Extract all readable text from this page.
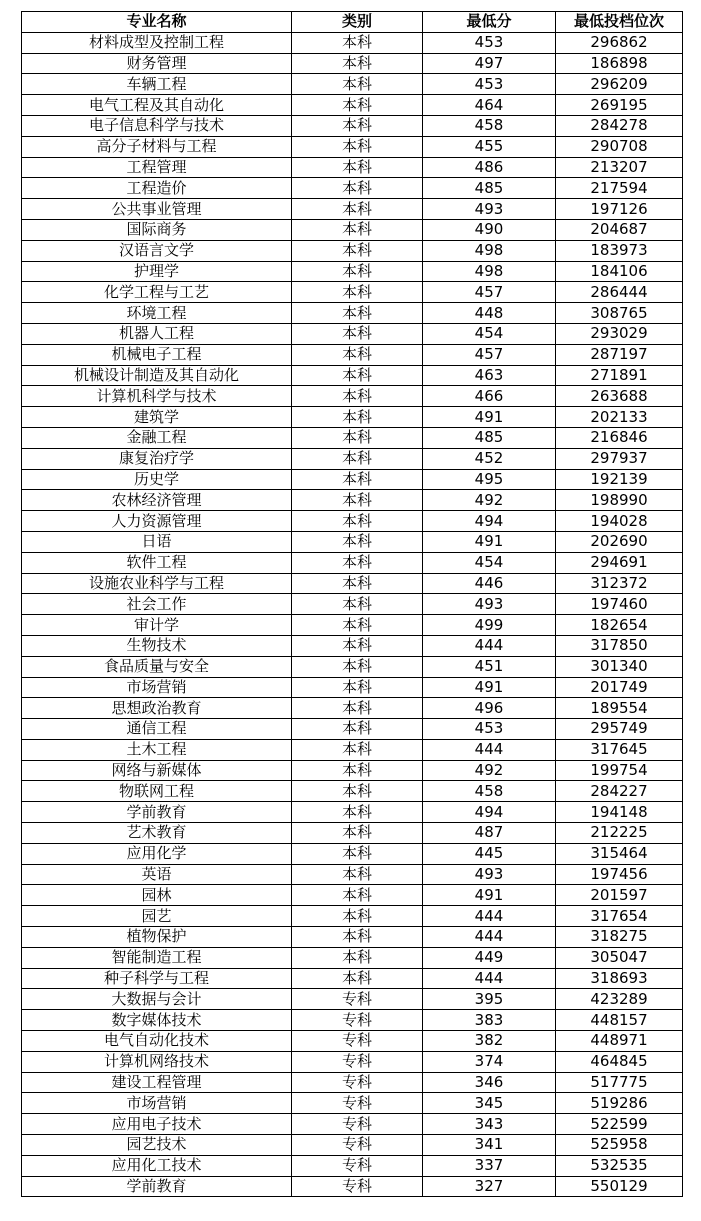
专业名称	类别	最低分	最低投档位次
材料成型及控制工程	本科	453	296862
财务管理	本科	497	186898
车辆工程	本科	453	296209
电气工程及其自动化	本科	464	269195
电子信息科学与技术	本科	458	284278
高分子材料与工程	本科	455	290708
工程管理	本科	486	213207
工程造价	本科	485	217594
公共事业管理	本科	493	197126
国际商务	本科	490	204687
汉语言文学	本科	498	183973
护理学	本科	498	184106
化学工程与工艺	本科	457	286444
环境工程	本科	448	308765
机器人工程	本科	454	293029
机械电子工程	本科	457	287197
机械设计制造及其自动化	本科	463	271891
计算机科学与技术	本科	466	263688
建筑学	本科	491	202133
金融工程	本科	485	216846
康复治疗学	本科	452	297937
历史学	本科	495	192139
农林经济管理	本科	492	198990
人力资源管理	本科	494	194028
日语	本科	491	202690
软件工程	本科	454	294691
设施农业科学与工程	本科	446	312372
社会工作	本科	493	197460
审计学	本科	499	182654
生物技术	本科	444	317850
食品质量与安全	本科	451	301340
市场营销	本科	491	201749
思想政治教育	本科	496	189554
通信工程	本科	453	295749
土木工程	本科	444	317645
网络与新媒体	本科	492	199754
物联网工程	本科	458	284227
学前教育	本科	494	194148
艺术教育	本科	487	212225
应用化学	本科	445	315464
英语	本科	493	197456
园林	本科	491	201597
园艺	本科	444	317654
植物保护	本科	444	318275
智能制造工程	本科	449	305047
种子科学与工程	本科	444	318693
大数据与会计	专科	395	423289
数字媒体技术	专科	383	448157
电气自动化技术	专科	382	448971
计算机网络技术	专科	374	464845
建设工程管理	专科	346	517775
市场营销	专科	345	519286
应用电子技术	专科	343	522599
园艺技术	专科	341	525958
应用化工技术	专科	337	532535
学前教育	专科	327	550129
